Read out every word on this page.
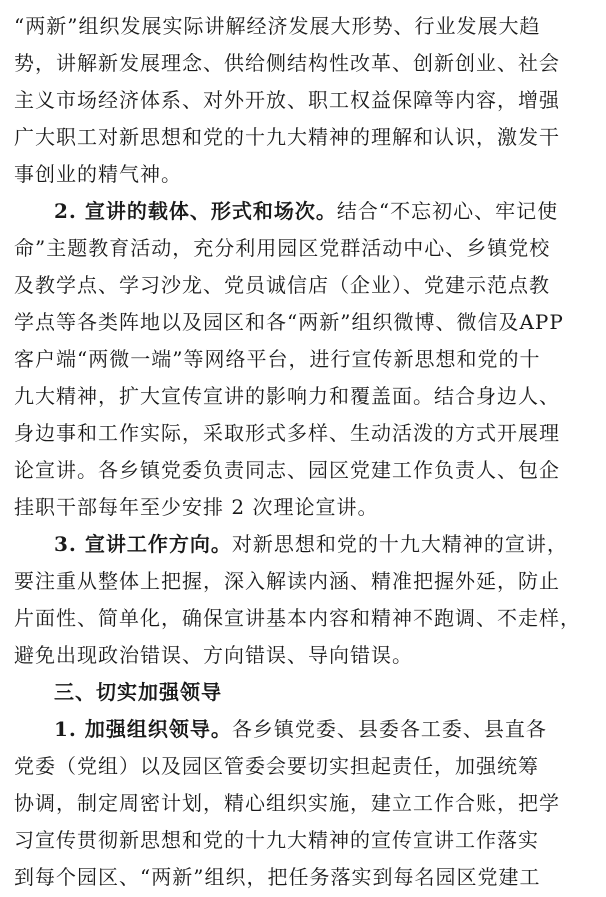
“两新”组织发展实际讲解经济发展大形势、行业发展大趋
势，讲解新发展理念、供给侧结构性改革、创新创业、社会
主义市场经济体系、对外开放、职工权益保障等内容，增强
广大职工对新思想和党的十九大精神的理解和认识，激发干
事创业的精气神。
2. 宣讲的载体、形式和场次。结合“不忘初心、牢记使
命”主题教育活动，充分利用园区党群活动中心、乡镇党校
及教学点、学习沙龙、党员诚信店（企业）、党建示范点教
学点等各类阵地以及园区和各“两新”组织微博、微信及APP
客户端“两微一端”等网络平台，进行宣传新思想和党的十
九大精神，扩大宣传宣讲的影响力和覆盖面。结合身边人、
身边事和工作实际，采取形式多样、生动活泼的方式开展理
论宣讲。各乡镇党委负责同志、园区党建工作负责人、包企
挂职干部每年至少安排 2 次理论宣讲。
3. 宣讲工作方向。对新思想和党的十九大精神的宣讲，
要注重从整体上把握，深入解读内涵、精准把握外延，防止
片面性、简单化，确保宣讲基本内容和精神不跑调、不走样，
避免出现政治错误、方向错误、导向错误。
三、切实加强领导
1. 加强组织领导。各乡镇党委、县委各工委、县直各
党委（党组）以及园区管委会要切实担起责任，加强统筹
协调，制定周密计划，精心组织实施，建立工作合账，把学
习宣传贯彻新思想和党的十九大精神的宣传宣讲工作落实
到每个园区、“两新”组织，把任务落实到每名园区党建工
